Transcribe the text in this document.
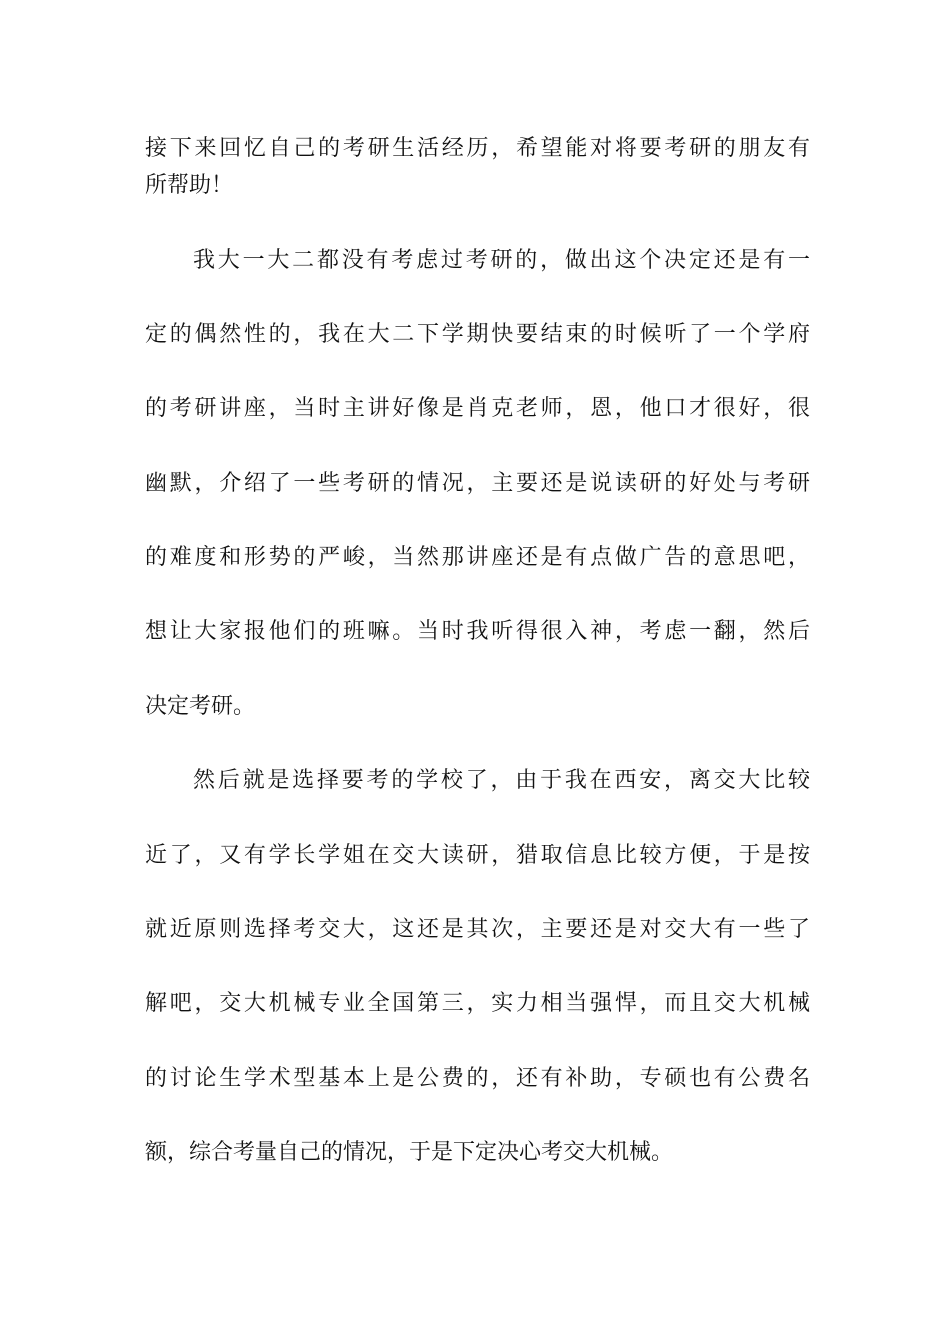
接下来回忆自己的考研生活经历，希望能对将要考研的朋友有
所帮助！
我大一大二都没有考虑过考研的，做出这个决定还是有一
定的偶然性的，我在大二下学期快要结束的时候听了一个学府
的考研讲座，当时主讲好像是肖克老师，恩，他口才很好，很
幽默，介绍了一些考研的情况，主要还是说读研的好处与考研
的难度和形势的严峻，当然那讲座还是有点做广告的意思吧，
想让大家报他们的班嘛。当时我听得很入神，考虑一翻，然后
决定考研。
然后就是选择要考的学校了，由于我在西安，离交大比较
近了，又有学长学姐在交大读研，猎取信息比较方便，于是按
就近原则选择考交大，这还是其次，主要还是对交大有一些了
解吧，交大机械专业全国第三，实力相当强悍，而且交大机械
的讨论生学术型基本上是公费的，还有补助，专硕也有公费名
额，综合考量自己的情况，于是下定决心考交大机械。
